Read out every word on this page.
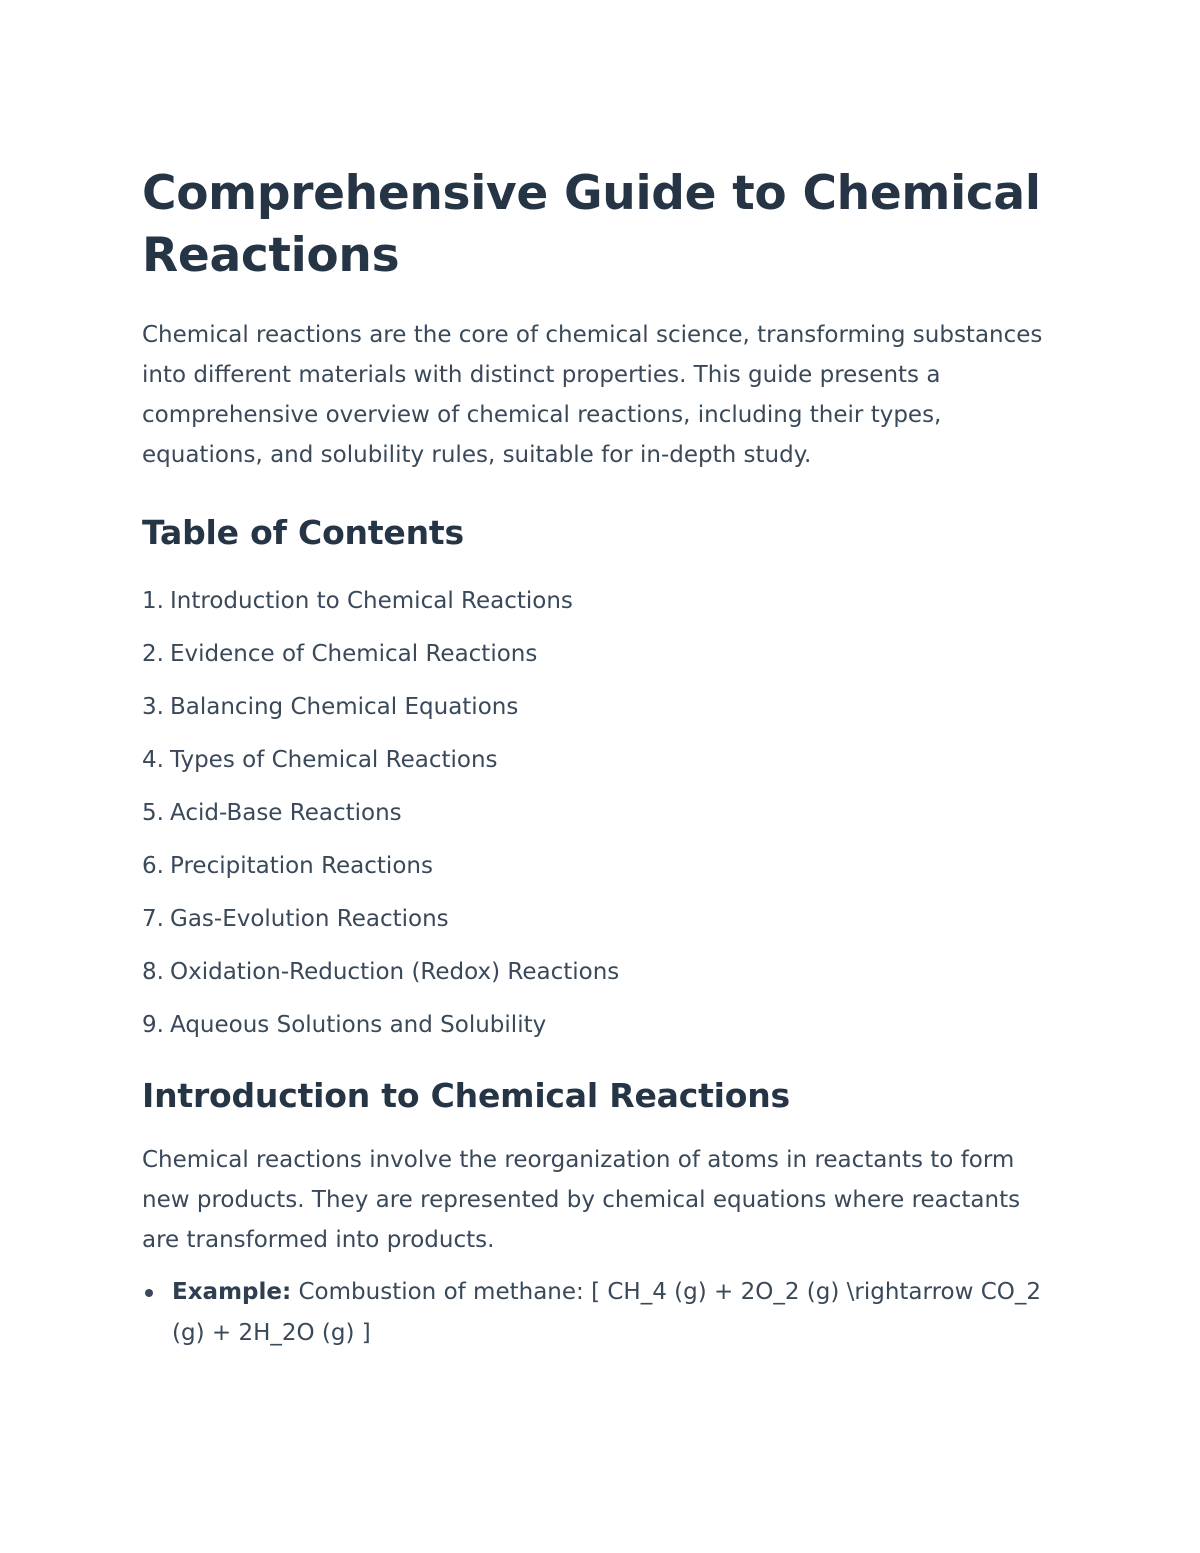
Comprehensive Guide to Chemical Reactions

Chemical reactions are the core of chemical science, transforming substances into different materials with distinct properties. This guide presents a comprehensive overview of chemical reactions, including their types, equations, and solubility rules, suitable for in-depth study.

Table of Contents
1. Introduction to Chemical Reactions
2. Evidence of Chemical Reactions
3. Balancing Chemical Equations
4. Types of Chemical Reactions
5. Acid-Base Reactions
6. Precipitation Reactions
7. Gas-Evolution Reactions
8. Oxidation-Reduction (Redox) Reactions
9. Aqueous Solutions and Solubility
Introduction to Chemical Reactions

Chemical reactions involve the reorganization of atoms in reactants to form new products. They are represented by chemical equations where reactants are transformed into products.

Example: Combustion of methane: [ CH_4 (g) + 2O_2 (g) \rightarrow CO_2 (g) + 2H_2O (g) ]
